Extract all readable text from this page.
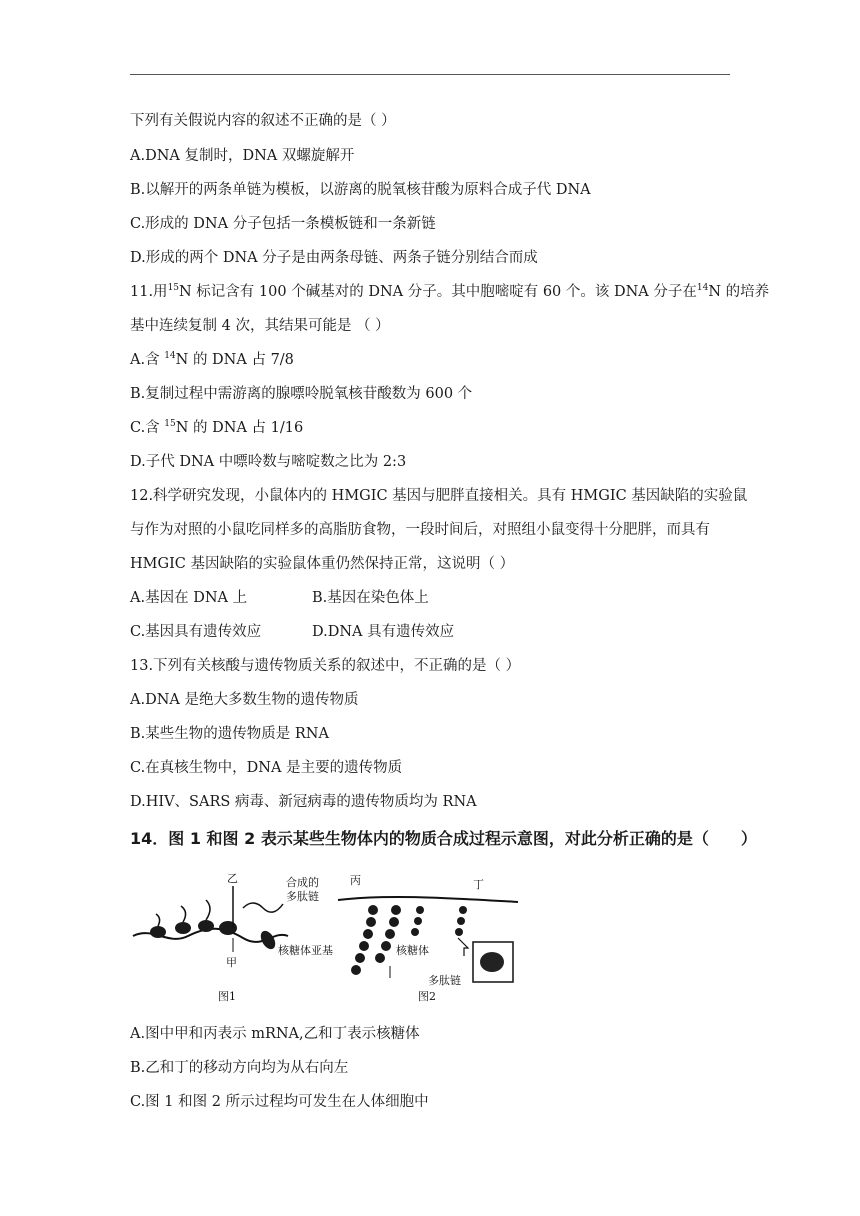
下列有关假说内容的叙述不正确的是（ ）
A.DNA 复制时，DNA 双螺旋解开
B.以解开的两条单链为模板，以游离的脱氧核苷酸为原料合成子代 DNA
C.形成的 DNA 分子包括一条模板链和一条新链
D.形成的两个 DNA 分子是由两条母链、两条子链分别结合而成
11.用$^{15}$N 标记含有 100 个碱基对的 DNA 分子。其中胞嘧啶有 60 个。该 DNA 分子在$^{14}$N 的培养
基中连续复制 4 次，其结果可能是 （ ）
A.含 $^{14}$N 的 DNA 占 7/8
B.复制过程中需游离的腺嘌呤脱氧核苷酸数为 600 个
C.含 $^{15}$N 的 DNA 占 1/16
D.子代 DNA 中嘌呤数与嘧啶数之比为 2:3
12.科学研究发现，小鼠体内的 HMGIC 基因与肥胖直接相关。具有 HMGIC 基因缺陷的实验鼠
与作为对照的小鼠吃同样多的高脂肪食物，一段时间后，对照组小鼠变得十分肥胖，而具有
HMGIC 基因缺陷的实验鼠体重仍然保持正常，这说明（ ）
A.基因在 DNA 上	B.基因在染色体上
C.基因具有遗传效应	D.DNA 具有遗传效应
13.下列有关核酸与遗传物质关系的叙述中，不正确的是（ ）
A.DNA 是绝大多数生物的遗传物质
B.某些生物的遗传物质是 RNA
C.在真核生物中，DNA 是主要的遗传物质
D.HIV、SARS 病毒、新冠病毒的遗传物质均为 RNA
14．图 1 和图 2 表示某些生物体内的物质合成过程示意图，对此分析正确的是（　　）
乙
甲
合成的
多肽链
核糖体亚基
图1
丙	丁
核糖体
多肽链
图2
A.图中甲和丙表示 mRNA,乙和丁表示核糖体
B.乙和丁的移动方向均为从右向左
C.图 1 和图 2 所示过程均可发生在人体细胞中
